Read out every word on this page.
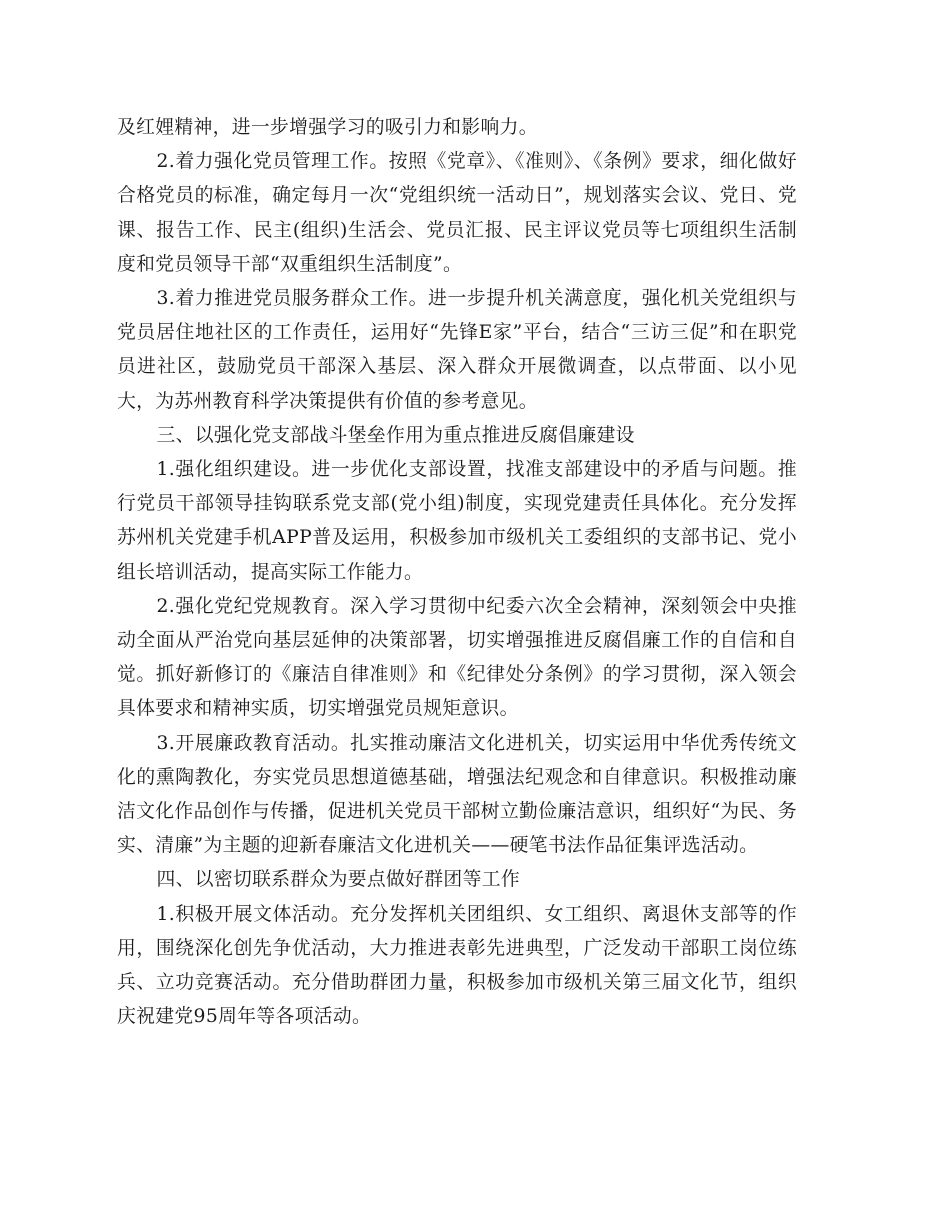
及红娌精神，进一步增强学习的吸引力和影响力。

2.着力强化党员管理工作。按照《党章》、《准则》、《条例》要求，细化做好合格党员的标准，确定每月一次“党组织统一活动日”，规划落实会议、党日、党课、报告工作、民主(组织)生活会、党员汇报、民主评议党员等七项组织生活制度和党员领导干部“双重组织生活制度”。

3.着力推进党员服务群众工作。进一步提升机关满意度，强化机关党组织与党员居住地社区的工作责任，运用好“先锋E家”平台，结合“三访三促”和在职党员进社区，鼓励党员干部深入基层、深入群众开展微调查，以点带面、以小见大，为苏州教育科学决策提供有价值的参考意见。

三、以强化党支部战斗堡垒作用为重点推进反腐倡廉建设

1.强化组织建设。进一步优化支部设置，找准支部建设中的矛盾与问题。推行党员干部领导挂钩联系党支部(党小组)制度，实现党建责任具体化。充分发挥苏州机关党建手机APP普及运用，积极参加市级机关工委组织的支部书记、党小组长培训活动，提高实际工作能力。

2.强化党纪党规教育。深入学习贯彻中纪委六次全会精神，深刻领会中央推动全面从严治党向基层延伸的决策部署，切实增强推进反腐倡廉工作的自信和自觉。抓好新修订的《廉洁自律准则》和《纪律处分条例》的学习贯彻，深入领会具体要求和精神实质，切实增强党员规矩意识。

3.开展廉政教育活动。扎实推动廉洁文化进机关，切实运用中华优秀传统文化的熏陶教化，夯实党员思想道德基础，增强法纪观念和自律意识。积极推动廉洁文化作品创作与传播，促进机关党员干部树立勤俭廉洁意识，组织好“为民、务实、清廉”为主题的迎新春廉洁文化进机关——硬笔书法作品征集评选活动。

四、以密切联系群众为要点做好群团等工作

1.积极开展文体活动。充分发挥机关团组织、女工组织、离退休支部等的作用，围绕深化创先争优活动，大力推进表彰先进典型，广泛发动干部职工岗位练兵、立功竞赛活动。充分借助群团力量，积极参加市级机关第三届文化节，组织庆祝建党95周年等各项活动。
